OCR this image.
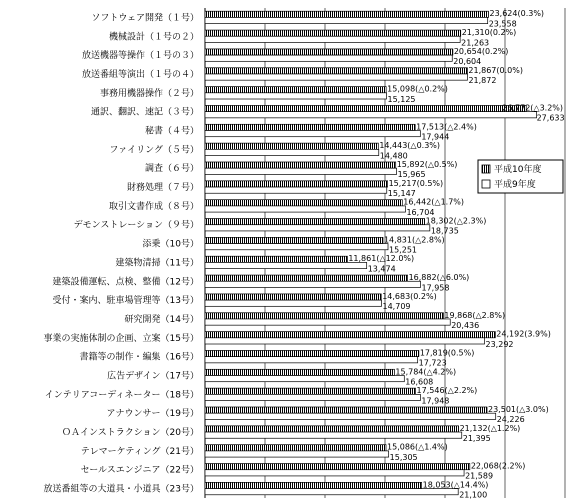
ソフトウェア開発（１号）
機械設計（１号の２）
放送機器等操作（１号の３）
放送番組等演出（１号の４）
事務用機器操作（２号）
通訳、翻訳、速記（３号）
秘書（４号）
ファイリング（５号）
調査（６号）
財務処理（７号）
取引文書作成（８号）
デモンストレーション（９号）
添乗（10号）
建築物清掃（11号）
建築設備運転、点検、整備（12号）
受付・案内、駐車場管理等（13号）
研究開発（14号）
事業の実施体制の企画、立案（15号）
書籍等の制作・編集（16号）
広告デザイン（17号）
インテリアコーディネーター（18号）
アナウンサー（19号）
ＯＡインストラクション（20号）
テレマーケティング（21号）
セールスエンジニア（22号）
放送番組等の大道具・小道具（23号）
23,624(0.3%)
23,558
21,310(0.2%)
21,263
20,654(0.2%)
20,604
21,867(0.0%)
21,872
15,098(△0.2%)
15,125
26,772(△3.2%)
27,633
17,513(△2.4%)
17,944
14,443(△0.3%)
14,480
15,892(△0.5%)
15,965
15,217(0.5%)
15,147
16,442(△1.7%)
16,704
18,302(△2.3%)
18,735
14,831(△2.8%)
15,251
11,861(△12.0%)
13,474
16,882(△6.0%)
17,958
14,683(0.2%)
14,709
19,868(△2.8%)
20,436
24,192(3.9%)
23,292
17,819(0.5%)
17,723
15,784(△4.2%)
16,608
17,546(△2.2%)
17,948
23,501(△3.0%)
24,226
21,132(△1.2%)
21,395
15,086(△1.4%)
15,305
22,068(2.2%)
21,589
18,053(△14.4%)
21,100
平成10年度
平成9年度
